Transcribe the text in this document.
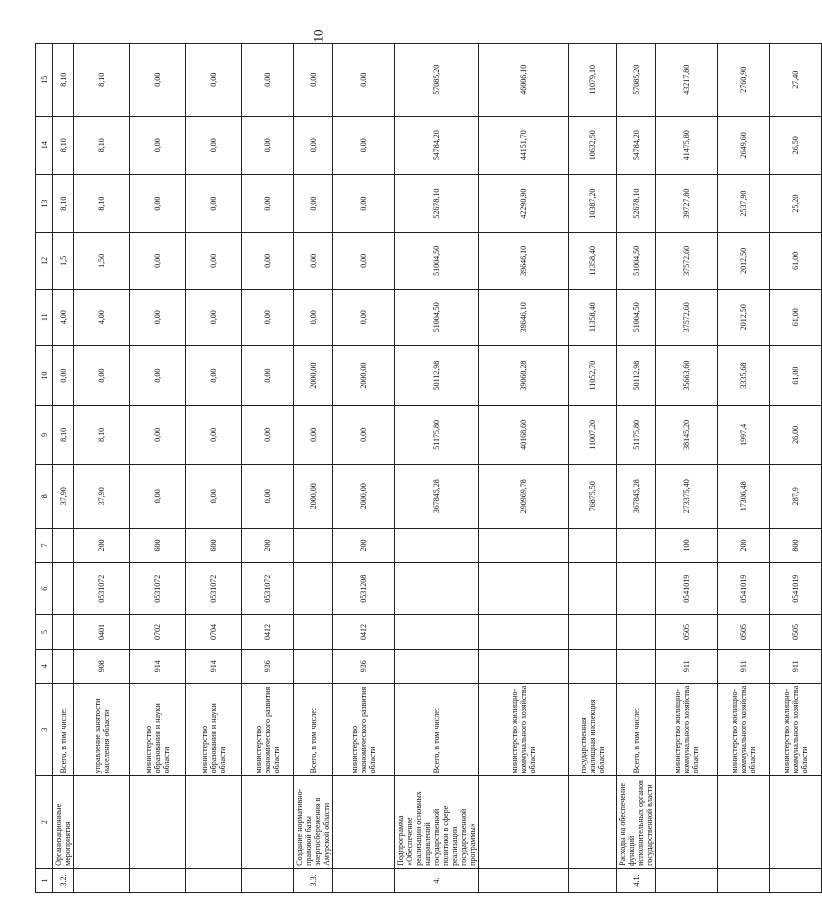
10
1	2	3	4	5	6	7	8	9	10	11	12	13	14	15
3.2.	Организационные мероприятия	Всего, в том числе:					37,90	8,10	0,00	4,00	1,5	8,10	8,10	8,10
		управление занятости населения области	908	0401	0531072	200	37,90	8,10	0,00	4,00	1,50	8,10	8,10	8,10
		министерство образования и науки области	914	0702	0531072	600	0,00	0,00	0,00	0,00	0,00	0,00	0,00	0,00
		министерство образования и науки области	914	0704	0531072	600	0,00	0,00	0,00	0,00	0,00	0,00	0,00	0,00
		министерство экономического развития области	936	0412	0531072	200	0,00	0,00	0,00	0,00	0,00	0,00	0,00	0,00
3.3.	Создание нормативно-правовой базы энергосбережения в Амурской области	Всего, в том числе:					2000,00	0,00	2000,00	0,00	0,00	0,00	0,00	0,00
		министерство экономического развития области	936	0412	0531208	200	2000,00	0,00	2000,00	0,00	0,00	0,00	0,00	0,00
4.	Подпрограмма «Обеспечение реализации основных направлений государственной политики в сфере реализации государственной программы»	Всего, в том числе:					367845,28	51175,80	50112,98	51004,50	51004,50	52678,10	54784,20	57085,20
		министерство жилищно-коммунального хозяйства области					290969,78	40168,60	39060,28	39646,10	39646,10	42290,90	44151,70	46006,10
		государственная жилищная инспекция области					76875,50	11007,20	11052,70	11358,40	11358,40	10387,20	10632,50	11079,10
4.1.	Расходы на обеспечение функций исполнительных органов государственной власти	Всего, в том числе:					367845,28	51175,80	50112,98	51004,50	51004,50	52678,10	54784,20	57085,20
		министерство жилищно-коммунального хозяйства области	911	0505	0541019	100	273375,40	38145,20	35663,60	37572,60	37572,60	39727,80	41475,80	43217,80
		министерство жилищно-коммунального хозяйства области	911	0505	0541019	200	17306,48	1997,4	3335,68	2012,50	2012,50	2537,90	2649,60	2760,90
		министерство жилищно-коммунального хозяйства области	911	0505	0541019	800	287,9	26,00	61,00	61,00	61,00	25,20	26,50	27,40
